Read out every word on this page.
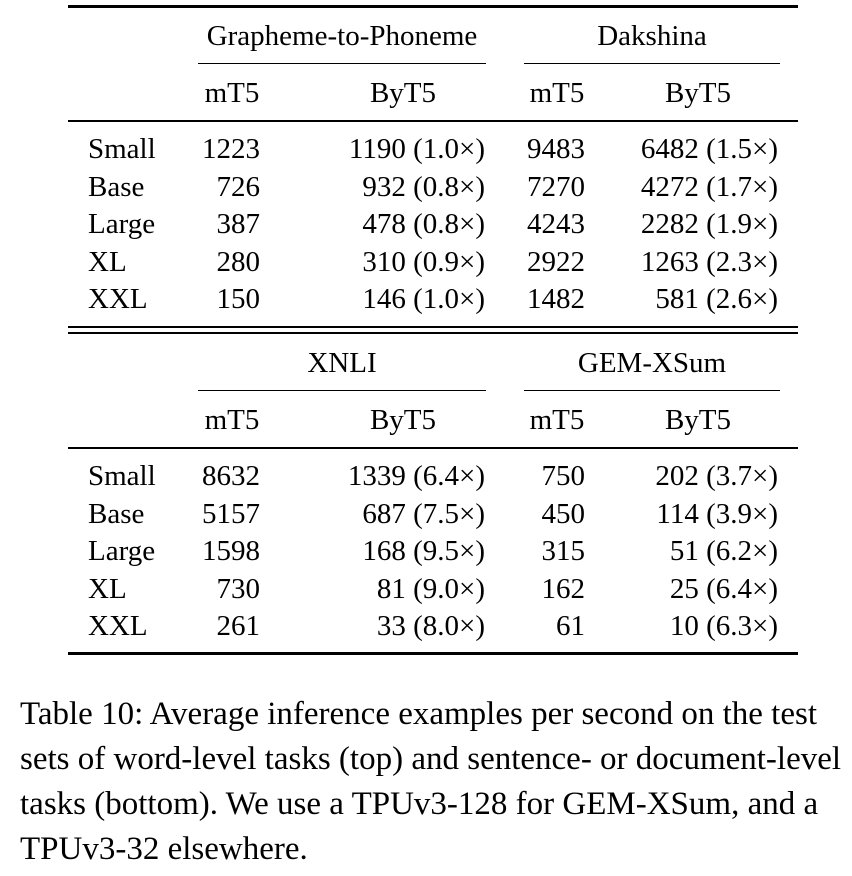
Grapheme-to-Phoneme	Dakshina
mT5	ByT5	mT5	ByT5
Small	1223	1190 (1.0×)	9483	6482 (1.5×)
Base	726	932 (0.8×)	7270	4272 (1.7×)
Large	387	478 (0.8×)	4243	2282 (1.9×)
XL	280	310 (0.9×)	2922	1263 (2.3×)
XXL	150	146 (1.0×)	1482	581 (2.6×)
XNLI	GEM-XSum
mT5	ByT5	mT5	ByT5
Small	8632	1339 (6.4×)	750	202 (3.7×)
Base	5157	687 (7.5×)	450	114 (3.9×)
Large	1598	168 (9.5×)	315	51 (6.2×)
XL	730	81 (9.0×)	162	25 (6.4×)
XXL	261	33 (8.0×)	61	10 (6.3×)

Table 10: Average inference examples per second on the test sets of word-level tasks (top) and sentence- or document-level tasks (bottom). We use a TPUv3-128 for GEM-XSum, and a TPUv3-32 elsewhere.
